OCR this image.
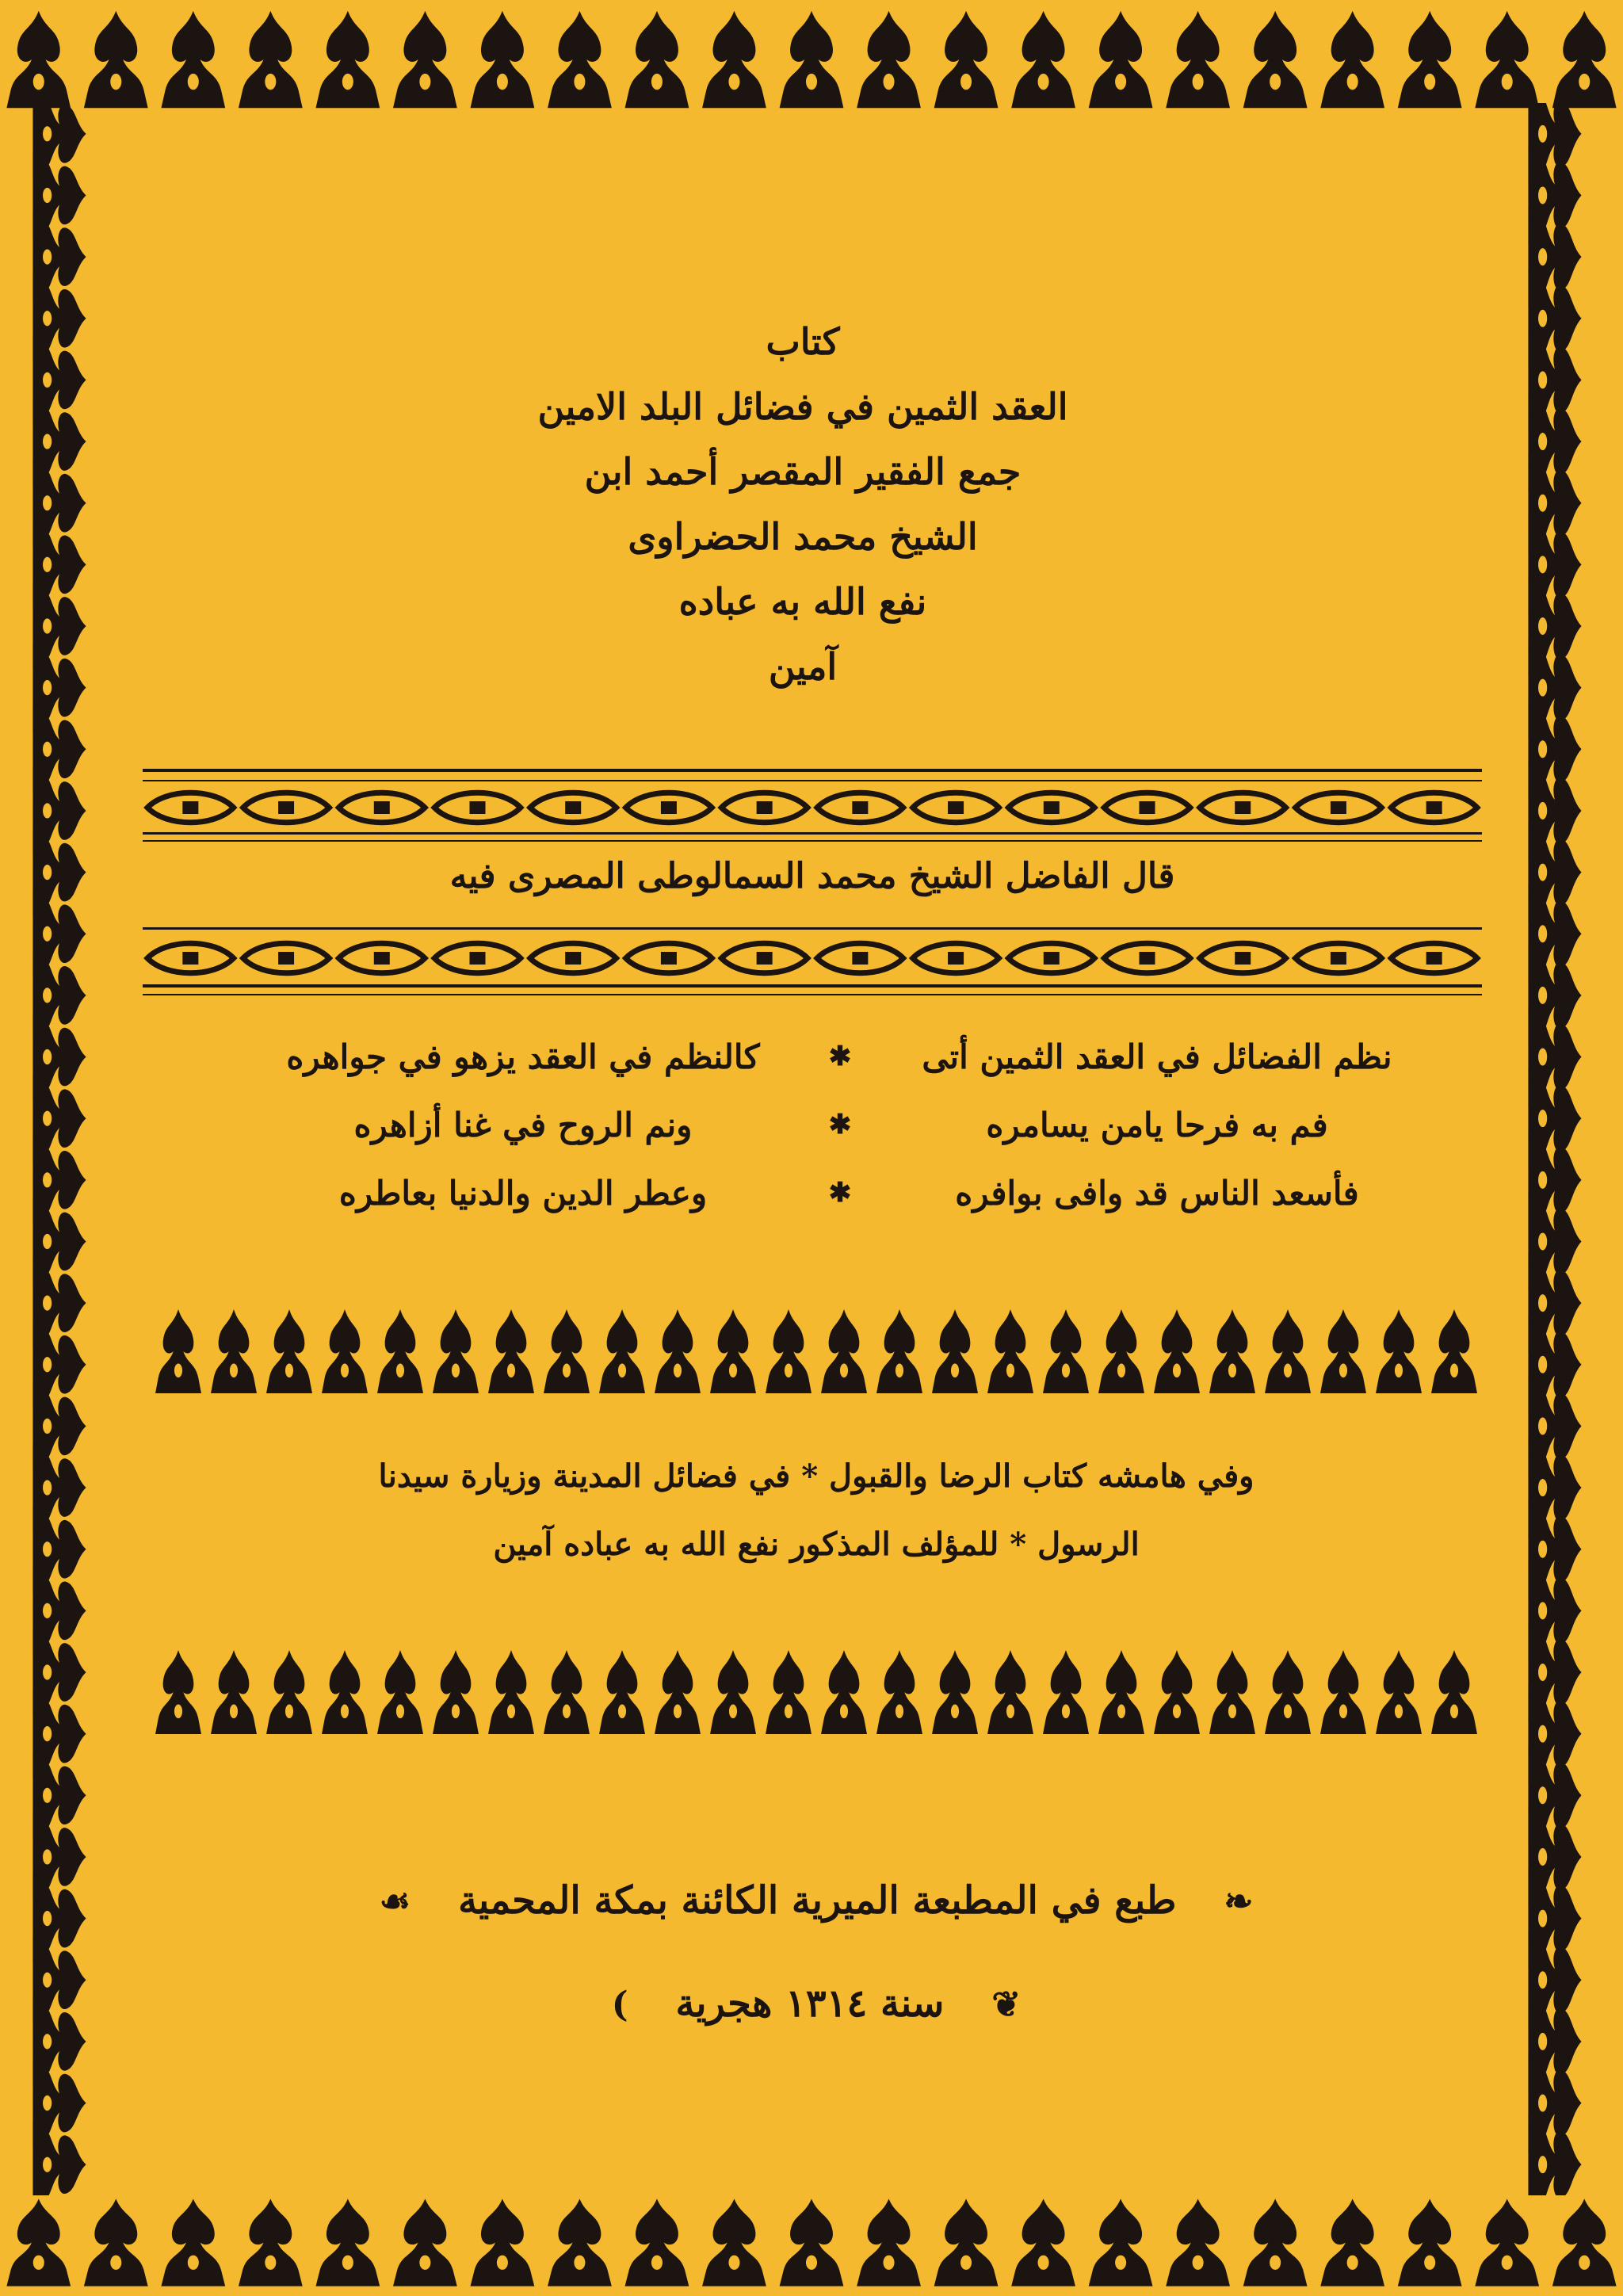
كتاب
العقد الثمين في فضائل البلد الامين
جمع الفقير المقصر أحمد ابن
الشيخ محمد الحضراوى
نفع الله به عباده
آمين
قال الفاضل الشيخ محمد السمالوطى المصرى فيه
نظم الفضائل في العقد الثمين أتى
✱
كالنظم في العقد يزهو في جواهره
فم به فرحا يامن يسامره
✱
ونم الروح في غنا أزاهره
فأسعد الناس قد وافى بوافره
✱
وعطر الدين والدنيا بعاطره
وفي هامشه كتاب الرضا والقبول * في فضائل المدينة وزيارة سيدنا
الرسول * للمؤلف المذكور نفع الله به عباده آمين
❧طبع في المطبعة الميرية الكائنة بمكة المحمية☙
❦سنة ١٣١٤ هجرية)
